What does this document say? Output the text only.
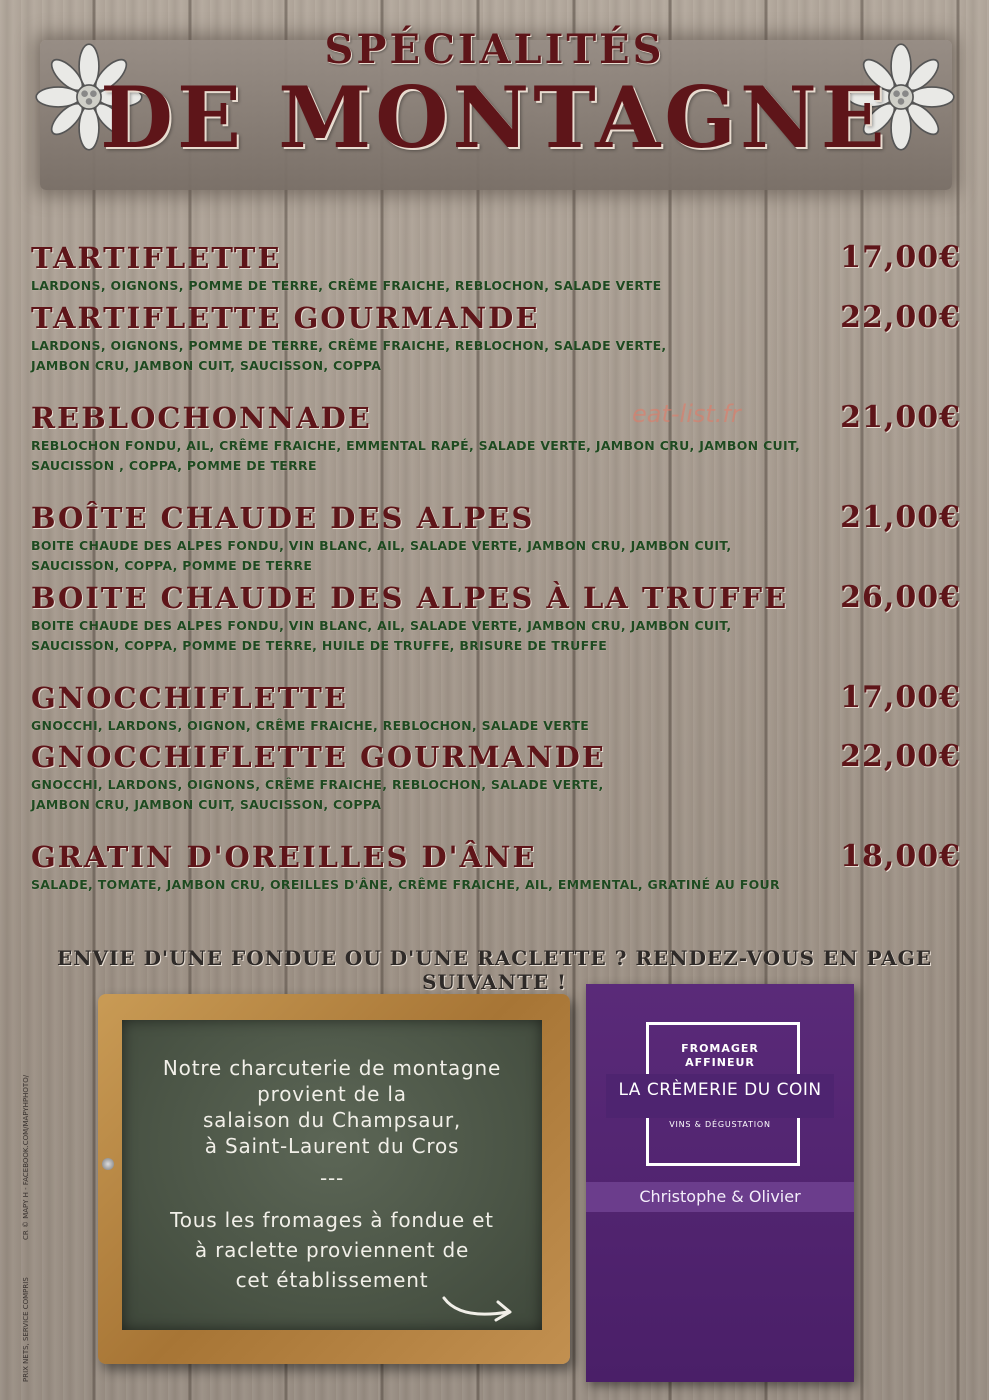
SPÉCIALITÉS
DE MONTAGNE
TARTIFLETTE	17,00€
LARDONS, OIGNONS, POMME DE TERRE, CRÊME FRAICHE, REBLOCHON, SALADE VERTE
TARTIFLETTE GOURMANDE	22,00€
LARDONS, OIGNONS, POMME DE TERRE, CRÊME FRAICHE, REBLOCHON, SALADE VERTE,
JAMBON CRU, JAMBON CUIT, SAUCISSON, COPPA
REBLOCHONNADE	21,00€
REBLOCHON FONDU, AIL, CRÊME FRAICHE, EMMENTAL RAPÉ, SALADE VERTE, JAMBON CRU, JAMBON CUIT,
SAUCISSON , COPPA, POMME DE TERRE
BOÎTE CHAUDE DES ALPES	21,00€
BOITE CHAUDE DES ALPES FONDU, VIN BLANC, AIL, SALADE VERTE, JAMBON CRU, JAMBON CUIT,
SAUCISSON, COPPA, POMME DE TERRE
BOITE CHAUDE DES ALPES À LA TRUFFE	26,00€
BOITE CHAUDE DES ALPES FONDU, VIN BLANC, AIL, SALADE VERTE, JAMBON CRU, JAMBON CUIT,
SAUCISSON, COPPA, POMME DE TERRE, HUILE DE TRUFFE, BRISURE DE TRUFFE
GNOCCHIFLETTE	17,00€
GNOCCHI, LARDONS, OIGNON, CRÊME FRAICHE, REBLOCHON, SALADE VERTE
GNOCCHIFLETTE GOURMANDE	22,00€
GNOCCHI, LARDONS, OIGNONS, CRÊME FRAICHE, REBLOCHON, SALADE VERTE,
JAMBON CRU, JAMBON CUIT, SAUCISSON, COPPA
GRATIN D'OREILLES D'ÂNE	18,00€
SALADE, TOMATE, JAMBON CRU, OREILLES D'ÂNE, CRÊME FRAICHE, AIL, EMMENTAL, GRATINÉ AU FOUR
eat-list.fr
ENVIE D'UNE FONDUE OU D'UNE RACLETTE ? RENDEZ-VOUS EN PAGE SUIVANTE !
CR © MAPY H - FACEBOOK.COM/MAPYHPHOTO/
PRIX NETS, SERVICE COMPRIS
Notre charcuterie de montagne
provient de la
salaison du Champsaur,
à Saint-Laurent du Cros
---
Tous les fromages à fondue et
à raclette proviennent de
cet établissement
FROMAGER
AFFINEUR
LA CRÈMERIE DU COIN
VINS & DÉGUSTATION
Christophe & Olivier
